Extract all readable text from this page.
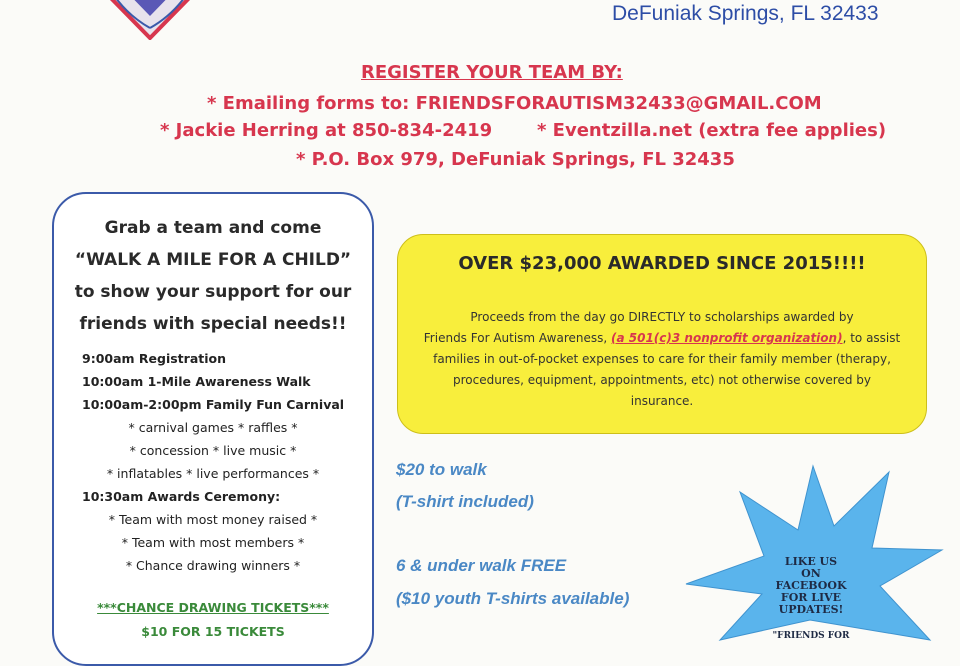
DeFuniak Springs, FL 32433
REGISTER YOUR TEAM BY:
* Emailing forms to: FRIENDSFORAUTISM32433@GMAIL.COM
* Jackie Herring at 850-834-2419 * Eventzilla.net (extra fee applies)
* P.O. Box 979, DeFuniak Springs, FL 32435
Grab a team and come
“WALK A MILE FOR A CHILD”
to show your support for our
friends with special needs!!
9:00am Registration
10:00am 1-Mile Awareness Walk
10:00am-2:00pm Family Fun Carnival
* carnival games * raffles *
* concession * live music *
* inflatables * live performances *
10:30am Awards Ceremony:
* Team with most money raised *
* Team with most members *
* Chance drawing winners *
***CHANCE DRAWING TICKETS***
$10 FOR 15 TICKETS
OVER $23,000 AWARDED SINCE 2015!!!!
Proceeds from the day go DIRECTLY to scholarships awarded by
Friends For Autism Awareness, (a 501(c)3 nonprofit organization), to assist
families in out-of-pocket expenses to care for their family member (therapy,
procedures, equipment, appointments, etc) not otherwise covered by
insurance.
$20 to walk
(T-shirt included)
6 & under walk FREE
($10 youth T-shirts available)
LIKE US
ON
FACEBOOK
FOR LIVE
UPDATES!
"FRIENDS FOR
